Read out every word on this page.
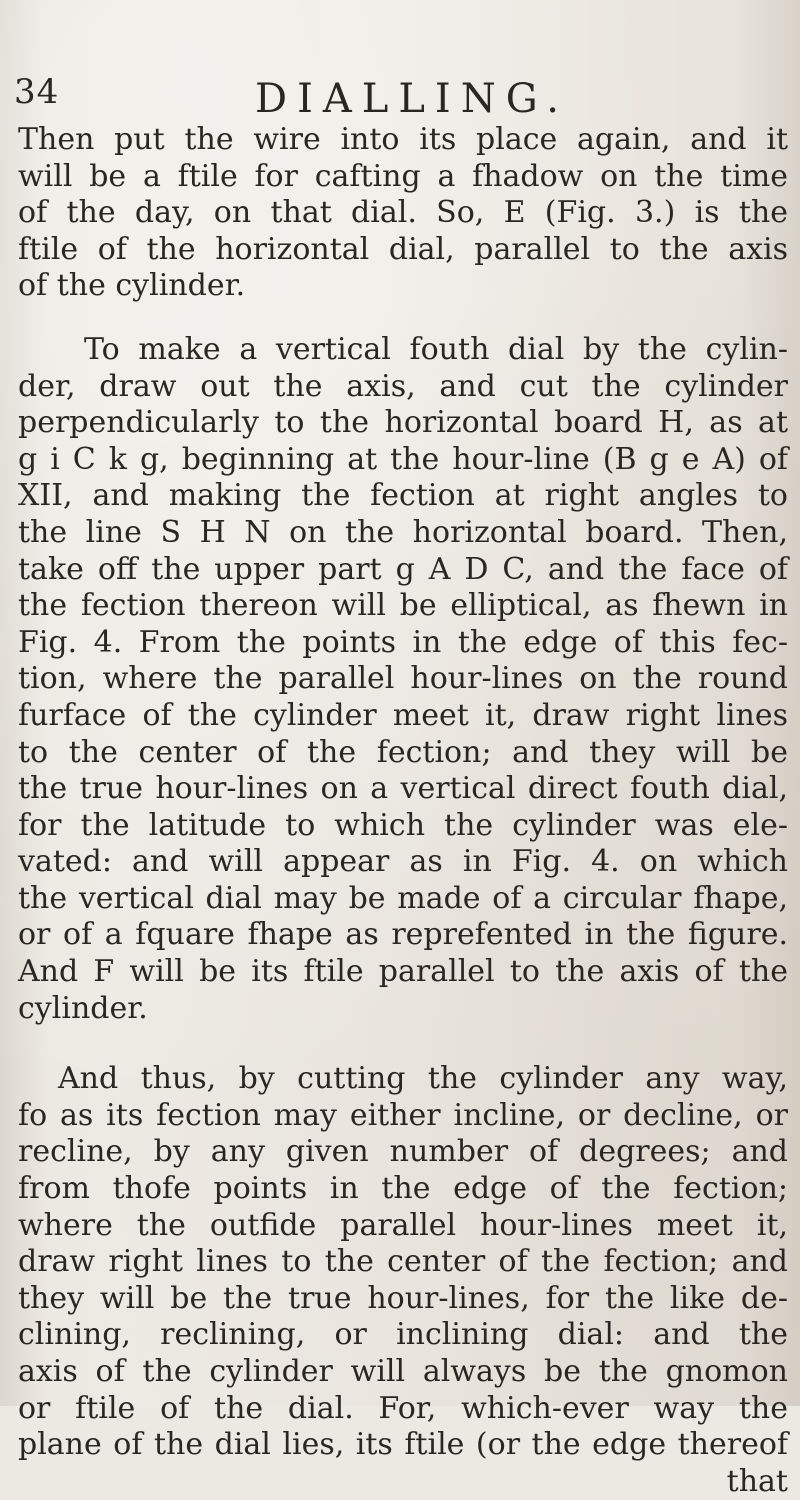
34	DIALLING.
Then put the wire into its place again, and it
will be a ftile for cafting a fhadow on the time
of the day, on that dial. So, E (Fig. 3.) is the
ftile of the horizontal dial, parallel to the axis
of the cylinder.
To make a vertical fouth dial by the cylin-
der, draw out the axis, and cut the cylinder
perpendicularly to the horizontal board H, as at
g i C k g, beginning at the hour-line (B g e A) of
XII, and making the fection at right angles to
the line S H N on the horizontal board. Then,
take off the upper part g A D C, and the face of
the fection thereon will be elliptical, as fhewn in
Fig. 4. From the points in the edge of this fec-
tion, where the parallel hour-lines on the round
furface of the cylinder meet it, draw right lines
to the center of the fection; and they will be
the true hour-lines on a vertical direct fouth dial,
for the latitude to which the cylinder was ele-
vated: and will appear as in Fig. 4. on which
the vertical dial may be made of a circular fhape,
or of a fquare fhape as reprefented in the figure.
And F will be its ftile parallel to the axis of the
cylinder.
And thus, by cutting the cylinder any way,
fo as its fection may either incline, or decline, or
recline, by any given number of degrees; and
from thofe points in the edge of the fection;
where the outfide parallel hour-lines meet it,
draw right lines to the center of the fection; and
they will be the true hour-lines, for the like de-
clining, reclining, or inclining dial: and the
axis of the cylinder will always be the gnomon
or ftile of the dial. For, which-ever way the
plane of the dial lies, its ftile (or the edge thereof
that
